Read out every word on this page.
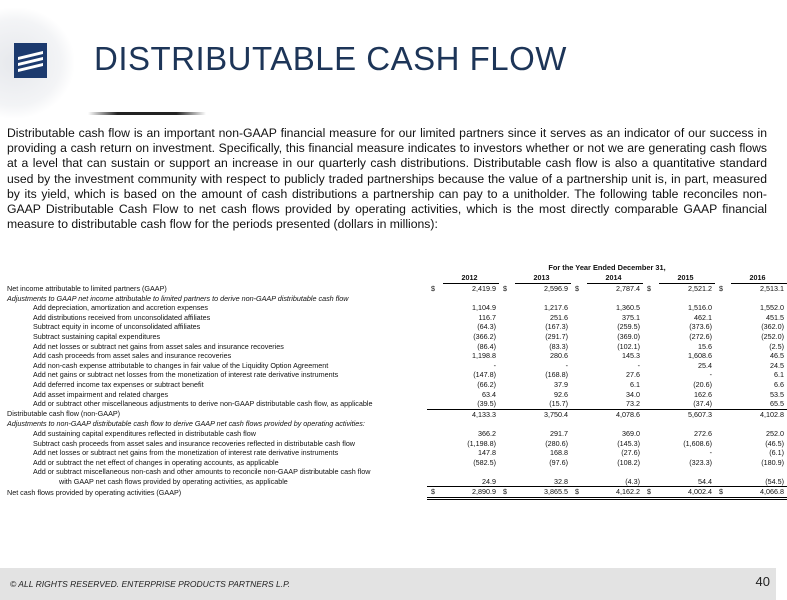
DISTRIBUTABLE CASH FLOW

Distributable cash flow is an important non-GAAP financial measure for our limited partners since it serves as an indicator of our success in providing a cash return on investment. Specifically, this financial measure indicates to investors whether or not we are generating cash flows at a level that can sustain or support an increase in our quarterly cash distributions. Distributable cash flow is also a quantitative standard used by the investment community with respect to publicly traded partnerships because the value of a partnership unit is, in part, measured by its yield, which is based on the amount of cash distributions a partnership can pay to a unitholder. The following table reconciles non-GAAP Distributable Cash Flow to net cash flows provided by operating activities, which is the most directly comparable GAAP financial measure to distributable cash flow for the periods presented (dollars in millions):

For the Year Ended December 31,
		2012		2013		2014		2015		2016
Net income attributable to limited partners (GAAP)	$	2,419.9	$	2,596.9	$	2,787.4	$	2,521.2	$	2,513.1
Adjustments to GAAP net income attributable to limited partners to derive non-GAAP distributable cash flow										
Add depreciation, amortization and accretion expenses		1,104.9		1,217.6		1,360.5		1,516.0		1,552.0
Add distributions received from unconsolidated affiliates		116.7		251.6		375.1		462.1		451.5
Subtract equity in income of unconsolidated affiliates		(64.3)		(167.3)		(259.5)		(373.6)		(362.0)
Subtract sustaining capital expenditures		(366.2)		(291.7)		(369.0)		(272.6)		(252.0)
Add net losses or subtract net gains from asset sales and insurance recoveries		(86.4)		(83.3)		(102.1)		15.6		(2.5)
Add cash proceeds from asset sales and insurance recoveries		1,198.8		280.6		145.3		1,608.6		46.5
Add non-cash expense attributable to changes in fair value of the Liquidity Option Agreement		-		-		-		25.4		24.5
Add net gains or subtract net losses from the monetization of interest rate derivative instruments		(147.8)		(168.8)		27.6		-		6.1
Add deferred income tax expenses or subtract benefit		(66.2)		37.9		6.1		(20.6)		6.6
Add asset impairment and related charges		63.4		92.6		34.0		162.6		53.5
Add or subtract other miscellaneous adjustments to derive non-GAAP distributable cash flow, as applicable		(39.5)		(15.7)		73.2		(37.4)		65.5
Distributable cash flow (non-GAAP)		4,133.3		3,750.4		4,078.6		5,607.3		4,102.8
Adjustments to non-GAAP distributable cash flow to derive GAAP net cash flows provided by operating activities:										
Add sustaining capital expenditures reflected in distributable cash flow		366.2		291.7		369.0		272.6		252.0
Subtract cash proceeds from asset sales and insurance recoveries reflected in distributable cash flow		(1,198.8)		(280.6)		(145.3)		(1,608.6)		(46.5)
Add net losses or subtract net gains from the monetization of interest rate derivative instruments		147.8		168.8		(27.6)		-		(6.1)
Add or subtract the net effect of changes in operating accounts, as applicable		(582.5)		(97.6)		(108.2)		(323.3)		(180.9)
Add or subtract miscellaneous non-cash and other amounts to reconcile non-GAAP distributable cash flow										
with GAAP net cash flows provided by operating activities, as applicable		24.9		32.8		(4.3)		54.4		(54.5)
Net cash flows provided by operating activities (GAAP)	$	2,890.9	$	3,865.5	$	4,162.2	$	4,002.4	$	4,066.8
© ALL RIGHTS RESERVED. ENTERPRISE PRODUCTS PARTNERS L.P.	40
